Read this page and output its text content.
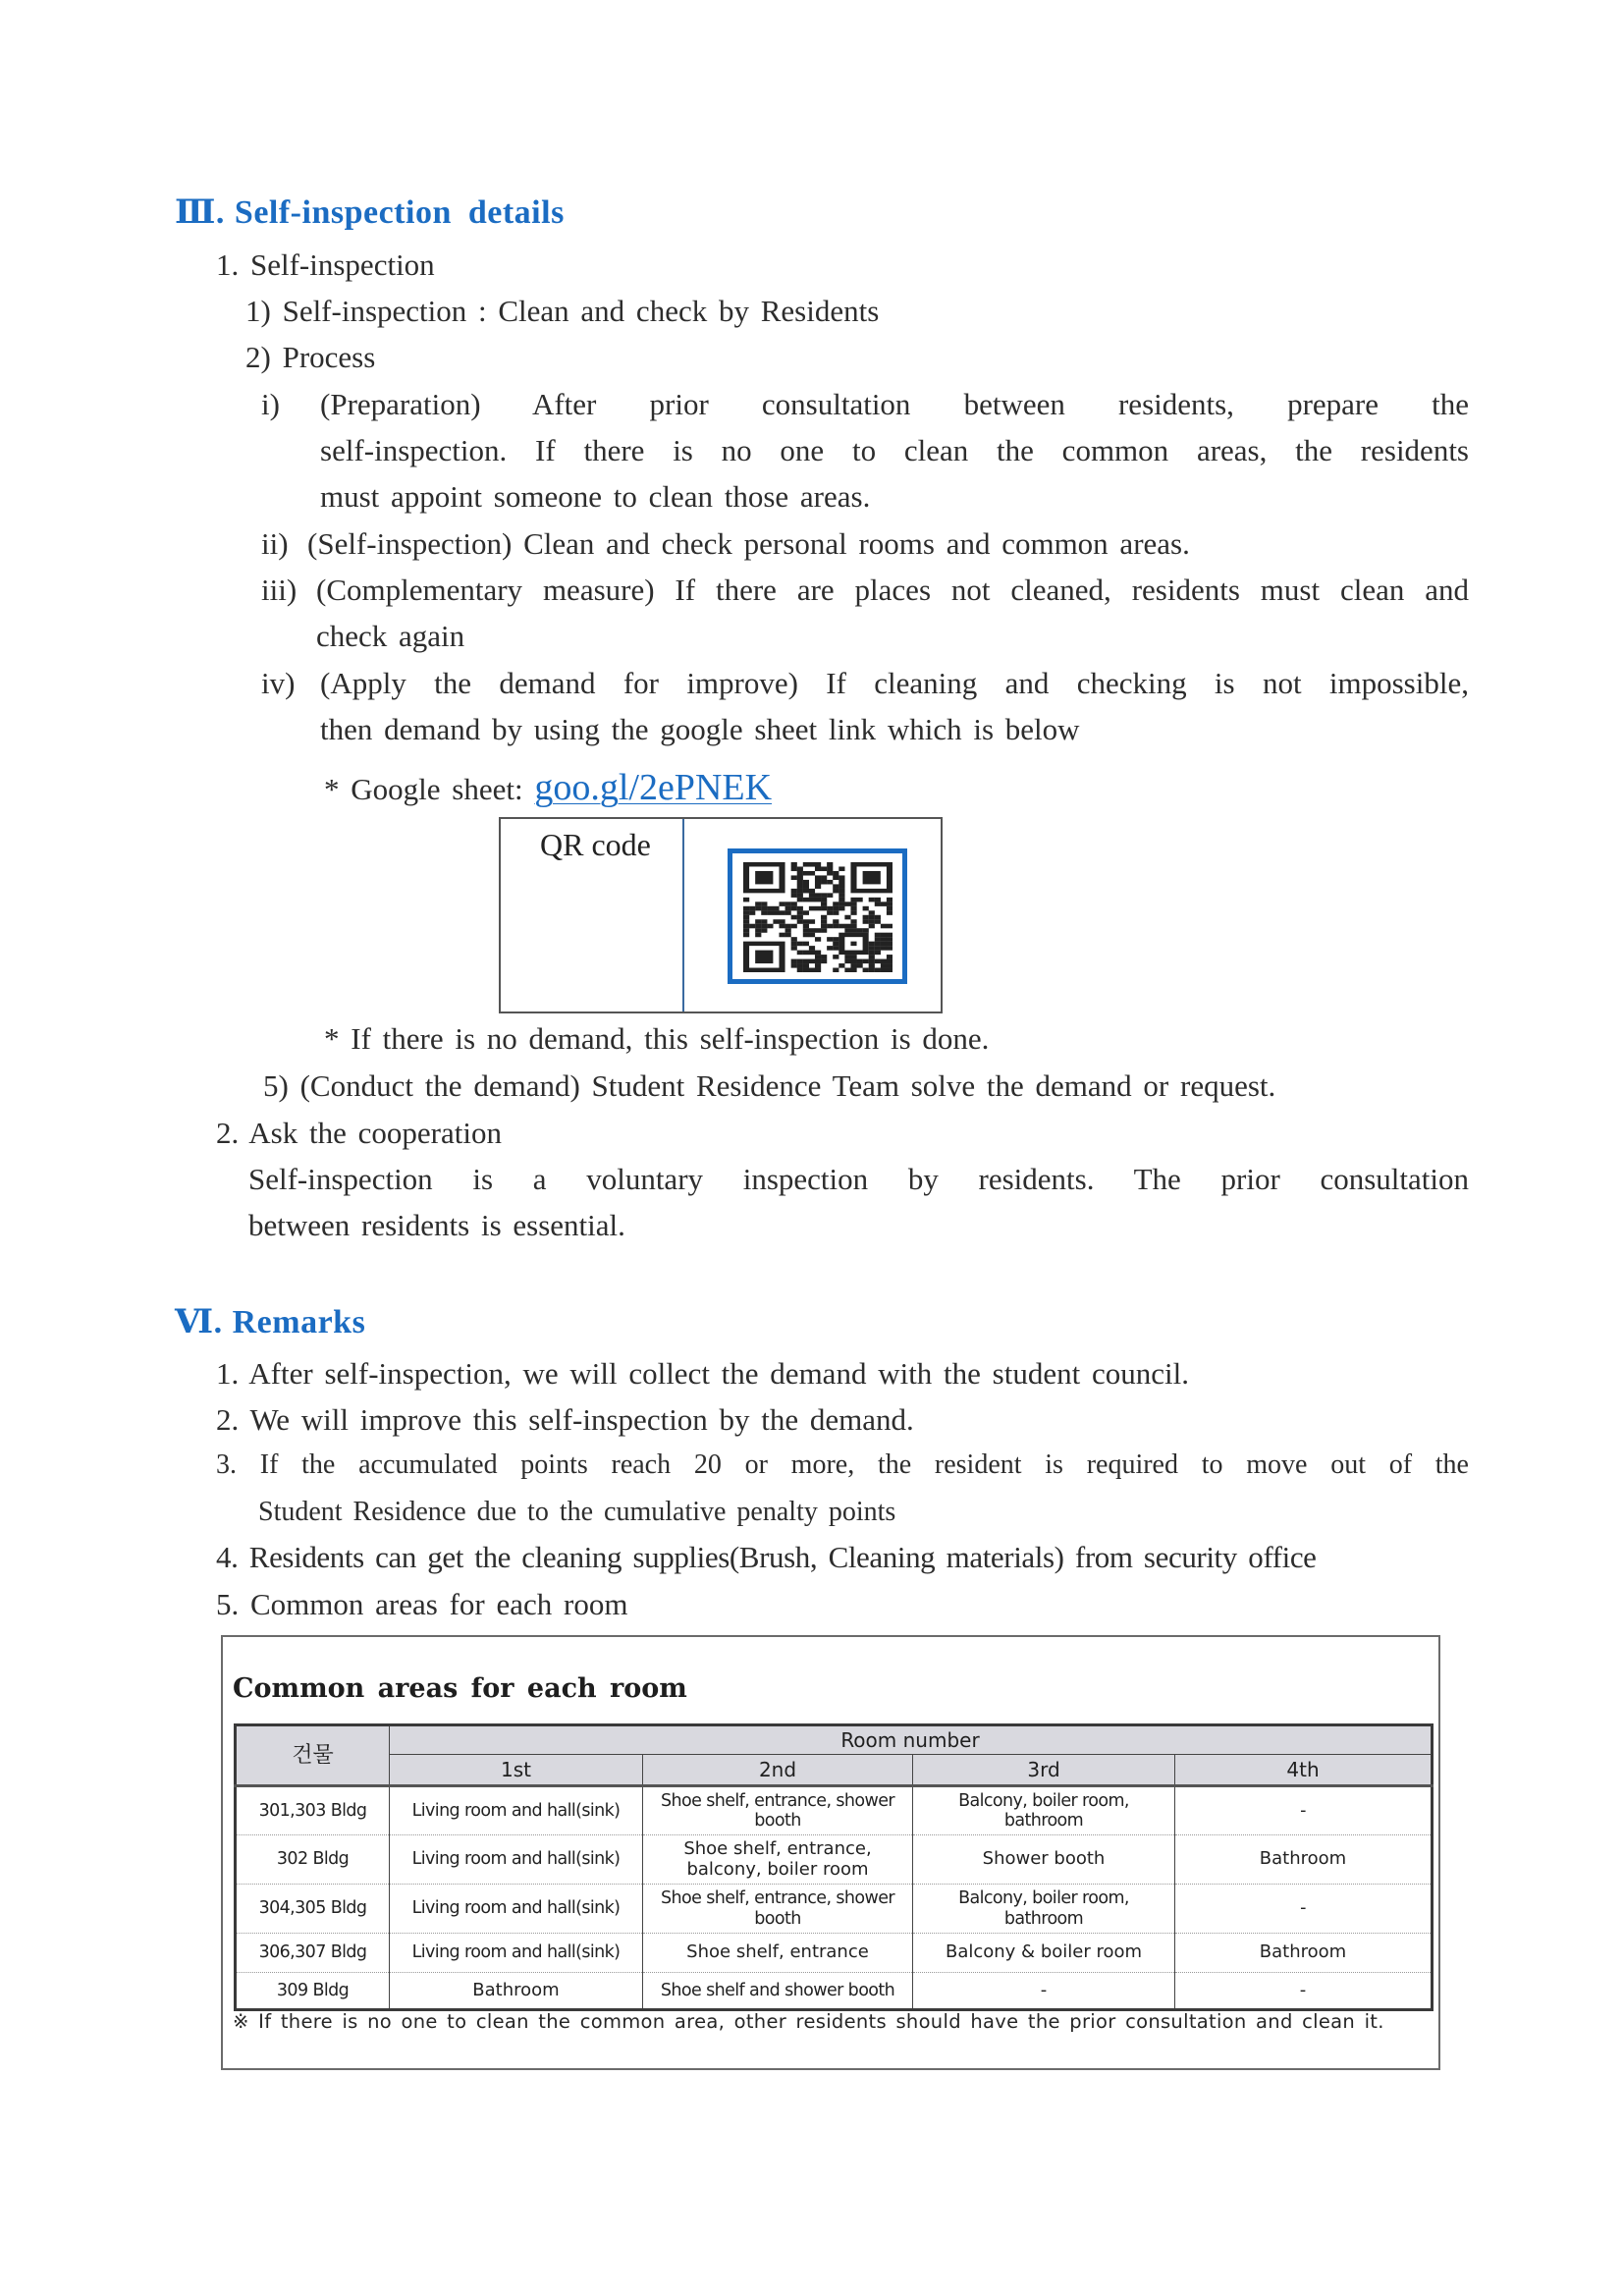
Ⅲ. Self-inspection details
1. Self-inspection
1) Self-inspection : Clean and check by Residents
2) Process
i) (Preparation) After prior consultation between residents, prepare the
self-inspection. If there is no one to clean the common areas, the residents
must appoint someone to clean those areas.
ii) (Self-inspection) Clean and check personal rooms and common areas.
iii) (Complementary measure) If there are places not cleaned, residents must clean and
check again
iv) (Apply the demand for improve) If cleaning and checking is not impossible,
then demand by using the google sheet link which is below
* Google sheet: goo.gl/2ePNEK
QR code
* If there is no demand, this self-inspection is done.
5) (Conduct the demand) Student Residence Team solve the demand or request.
2. Ask the cooperation
Self-inspection is a voluntary inspection by residents. The prior consultation
between residents is essential.
Ⅵ. Remarks
1. After self-inspection, we will collect the demand with the student council.
2. We will improve this self-inspection by the demand.
3. If the accumulated points reach 20 or more, the resident is required to move out of the
Student Residence due to the cumulative penalty points
4. Residents can get the cleaning supplies(Brush, Cleaning materials) from security office
5. Common areas for each room
Common areas for each room
건물	Room number			
	1st	2nd	3rd	4th
301,303 Bldg	Living room and hall(sink)	Shoe shelf, entrance, shower booth	Balcony, boiler room, bathroom	-
302 Bldg	Living room and hall(sink)	Shoe shelf, entrance, balcony, boiler room	Shower booth	Bathroom
304,305 Bldg	Living room and hall(sink)	Shoe shelf, entrance, shower booth	Balcony, boiler room, bathroom	-
306,307 Bldg	Living room and hall(sink)	Shoe shelf, entrance	Balcony & boiler room	Bathroom
309 Bldg	Bathroom	Shoe shelf and shower booth	-	-
※ If there is no one to clean the common area, other residents should have the prior consultation and clean it.
